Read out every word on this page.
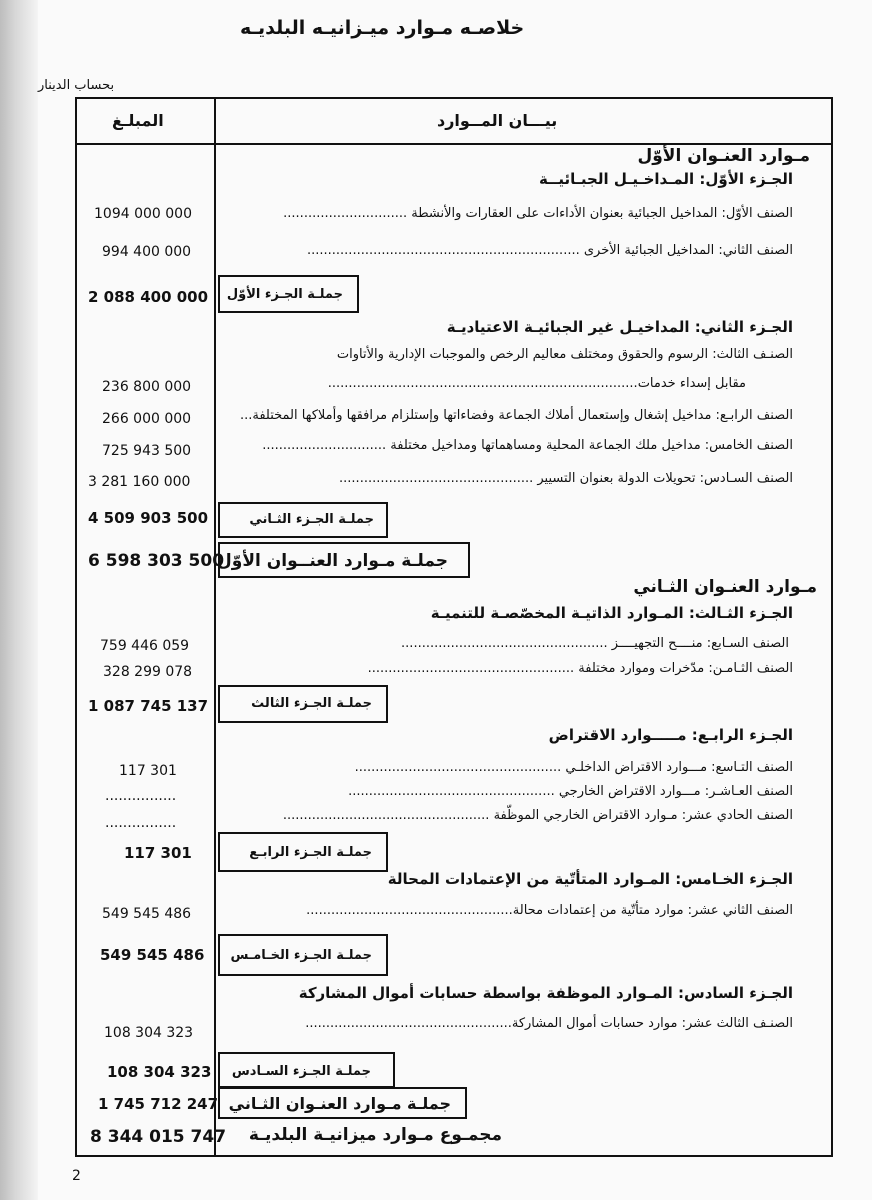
خلاصـه مـوارد ميـزانيـه البلديـه
بحساب الدينار
المبلـغ	بيـــان المــوارد
مـوارد العنـوان الأوّل
الجـزء الأوّل: المـداخـيـل الجبـائيــة
الصنف الأوّل: المداخيل الجبائية بعنوان الأداءات على العقارات والأنشطة ..............................
1094 000 000
الصنف الثاني: المداخيل الجبائية الأخرى ..................................................................
994 400 000
جملـة الجـزء الأوّل
2 088 400 000
الجـزء الثاني: المداخيـل غير الجبائيـة الاعتياديـة
الصنـف الثالث: الرسوم والحقوق ومختلف معاليم الرخص والموجبات الإدارية والأتاوات
مقابل إسداء خدمات...........................................................................
236 800 000
الصنف الرابـع: مداخيل إشغال وإستعمال أملاك الجماعة وفضاءاتها وإستلزام مرافقها وأملاكها المختلفة...
266 000 000
الصنف الخامس: مداخيل ملك الجماعة المحلية ومساهماتها ومداخيل مختلفة ..............................
725 943 500
الصنف السـادس: تحويلات الدولة بعنوان التسيير ...............................................
3 281 160 000
جملـة الجـزء الثـاني
4 509 903 500
جملـة مـوارد العنــوان الأوّل
6 598 303 500
مـوارد العنـوان الثـاني
الجـزء الثـالث: المـوارد الذاتيـة المخصّصـة للتنميـة
الصنف السـابع: منــــح التجهيــــز ..................................................
759 446 059
الصنف الثـامـن: مدّخرات وموارد مختلفة ..................................................
328 299 078
جملـة الجـزء الثالث
1 087 745 137
الجـزء الرابـع: مـــــوارد الاقتراض
الصنف التـاسع: مـــوارد الاقتراض الداخلـي ..................................................
117 301
الصنف العـاشـر: مـــوارد الاقتراض الخارجي ..................................................
................
الصنف الحادي عشر: مـوارد الاقتراض الخارجي الموظّفة ..................................................
................
جملـة الجـزء الرابـع
117 301
الجـزء الخـامس: المـوارد المتأتّية من الإعتمادات المحالة
الصنف الثاني عشر: موارد متأتّية من إعتمادات محالة..................................................
549 545 486
جملـة الجـزء الخـامـس
549 545 486
الجـزء السادس: المـوارد الموظفة بواسطة حسابات أموال المشاركة
الصنـف الثالث عشر: موارد حسابات أموال المشاركة..................................................
108 304 323
جملـة الجـزء السـادس
108 304 323
جملـة مـوارد العنـوان الثـاني
1 745 712 247
مجمـوع مـوارد ميزانيـة البلديـة
8 344 015 747
2
